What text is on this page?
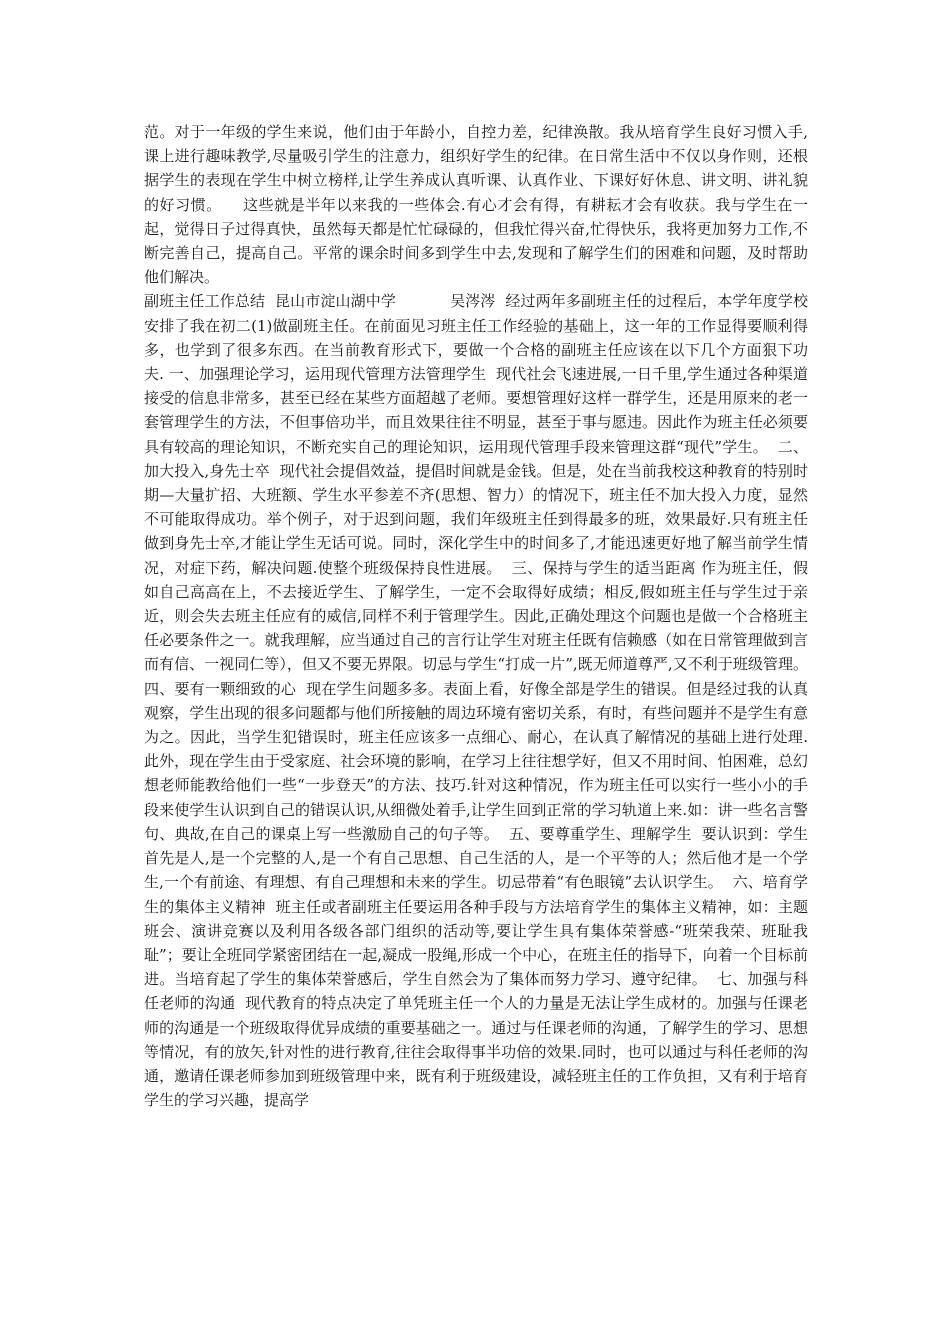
范。对于一年级的学生来说，他们由于年龄小，自控力差，纪律涣散。我从培育学生良好习惯入手,课上进行趣味教学,尽量吸引学生的注意力，组织好学生的纪律。在日常生活中不仅以身作则，还根据学生的表现在学生中树立榜样,让学生养成认真听课、认真作业、下课好好休息、讲文明、讲礼貌的好习惯。    这些就是半年以来我的一些体会.有心才会有得，有耕耘才会有收获。我与学生在一起，觉得日子过得真快，虽然每天都是忙忙碌碌的，但我忙得兴奋,忙得快乐，我将更加努力工作,不断完善自己，提高自己。平常的课余时间多到学生中去,发现和了解学生们的困难和问题，及时帮助他们解决。

副班主任工作总结  昆山市淀山湖中学           吴涔涔  经过两年多副班主任的过程后，本学年度学校安排了我在初二(1)做副班主任。在前面见习班主任工作经验的基础上，这一年的工作显得要顺利得多，也学到了很多东西。在当前教育形式下，要做一个合格的副班主任应该在以下几个方面狠下功夫. 一、加强理论学习，运用现代管理方法管理学生  现代社会飞速进展,一日千里,学生通过各种渠道接受的信息非常多，甚至已经在某些方面超越了老师。要想管理好这样一群学生，还是用原来的老一套管理学生的方法，不但事倍功半，而且效果往往不明显，甚至于事与愿违。因此作为班主任必须要具有较高的理论知识，不断充实自己的理论知识，运用现代管理手段来管理这群“现代”学生。  二、加大投入,身先士卒  现代社会提倡效益，提倡时间就是金钱。但是，处在当前我校这种教育的特别时期—大量扩招、大班额、学生水平参差不齐(思想、智力）的情况下，班主任不加大投入力度，显然不可能取得成功。举个例子，对于迟到问题，我们年级班主任到得最多的班，效果最好.只有班主任做到身先士卒,才能让学生无话可说。同时，深化学生中的时间多了,才能迅速更好地了解当前学生情况，对症下药，解决问题.使整个班级保持良性进展。  三、保持与学生的适当距离 作为班主任，假如自己高高在上，不去接近学生、了解学生，一定不会取得好成绩；相反,假如班主任与学生过于亲近，则会失去班主任应有的威信,同样不利于管理学生。因此,正确处理这个问题也是做一个合格班主任必要条件之一。就我理解，应当通过自己的言行让学生对班主任既有信赖感（如在日常管理做到言而有信、一视同仁等），但又不要无界限。切忌与学生“打成一片”,既无师道尊严,又不利于班级管理。  四、要有一颗细致的心  现在学生问题多多。表面上看，好像全部是学生的错误。但是经过我的认真观察，学生出现的很多问题都与他们所接触的周边环境有密切关系，有时，有些问题并不是学生有意为之。因此，当学生犯错误时，班主任应该多一点细心、耐心，在认真了解情况的基础上进行处理. 此外，现在学生由于受家庭、社会环境的影响，在学习上往往想学好，但又不用时间、怕困难，总幻想老师能教给他们一些“一步登天”的方法、技巧.针对这种情况，作为班主任可以实行一些小小的手段来使学生认识到自己的错误认识,从细微处着手,让学生回到正常的学习轨道上来.如：讲一些名言警句、典故,在自己的课桌上写一些激励自己的句子等。  五、要尊重学生、理解学生  要认识到：学生首先是人,是一个完整的人,是一个有自己思想、自己生活的人，是一个平等的人；然后他才是一个学生,一个有前途、有理想、有自己理想和未来的学生。切忌带着“有色眼镜”去认识学生。  六、培育学生的集体主义精神  班主任或者副班主任要运用各种手段与方法培育学生的集体主义精神，如：主题班会、演讲竞赛以及利用各级各部门组织的活动等,要让学生具有集体荣誉感-“班荣我荣、班耻我耻”；要让全班同学紧密团结在一起,凝成一股绳,形成一个中心，在班主任的指导下，向着一个目标前进。当培育起了学生的集体荣誉感后，学生自然会为了集体而努力学习、遵守纪律。  七、加强与科任老师的沟通  现代教育的特点决定了单凭班主任一个人的力量是无法让学生成材的。加强与任课老师的沟通是一个班级取得优异成绩的重要基础之一。通过与任课老师的沟通，了解学生的学习、思想等情况，有的放矢,针对性的进行教育,往往会取得事半功倍的效果.同时，也可以通过与科任老师的沟通，邀请任课老师参加到班级管理中来，既有利于班级建设，减轻班主任的工作负担，又有利于培育学生的学习兴趣，提高学
